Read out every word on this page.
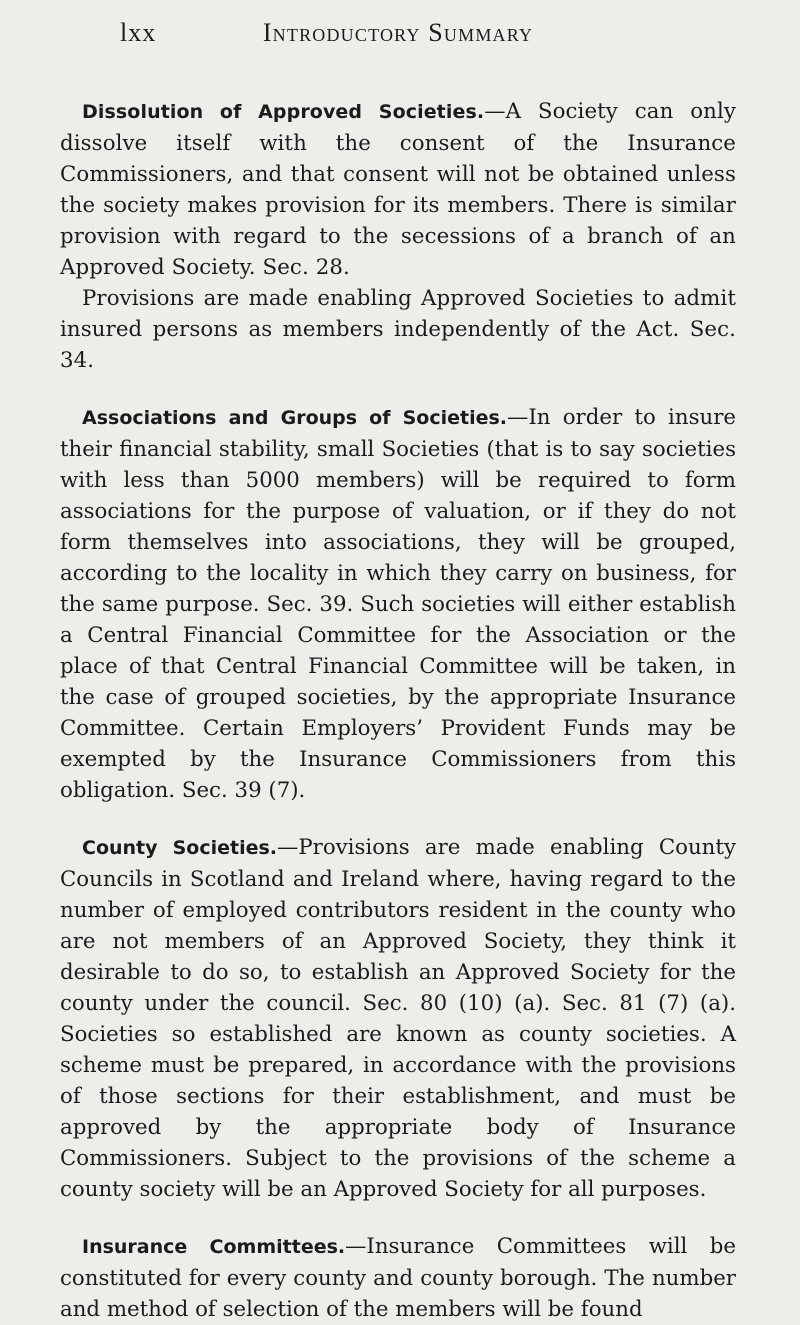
lxx	Introductory Summary

Dissolution of Approved Societies.—A Society can only dissolve itself with the consent of the Insurance Commissioners, and that consent will not be obtained unless the society makes provision for its members. There is similar provision with regard to the secessions of a branch of an Approved Society. Sec. 28.

Provisions are made enabling Approved Societies to admit insured persons as members independently of the Act. Sec. 34.

Associations and Groups of Societies.—In order to insure their financial stability, small Societies (that is to say societies with less than 5000 members) will be required to form associations for the purpose of valuation, or if they do not form themselves into associations, they will be grouped, according to the locality in which they carry on business, for the same purpose. Sec. 39. Such societies will either establish a Central Financial Committee for the Association or the place of that Central Financial Committee will be taken, in the case of grouped societies, by the appropriate Insurance Committee. Certain Employers’ Provident Funds may be exempted by the Insurance Commissioners from this obligation. Sec. 39 (7).

County Societies.—Provisions are made enabling County Councils in Scotland and Ireland where, having regard to the number of employed contributors resident in the county who are not members of an Approved Society, they think it desirable to do so, to establish an Approved Society for the county under the council. Sec. 80 (10) (a). Sec. 81 (7) (a). Societies so established are known as county societies. A scheme must be prepared, in accordance with the provisions of those sections for their establishment, and must be approved by the appropriate body of Insurance Commissioners. Subject to the provisions of the scheme a county society will be an Approved Society for all purposes.

Insurance Committees.—Insurance Committees will be constituted for every county and county borough. The number and method of selection of the members will be found
